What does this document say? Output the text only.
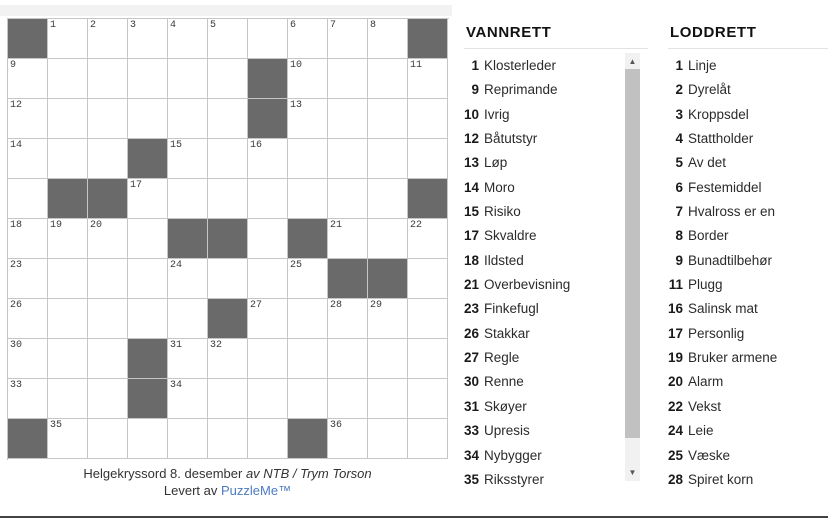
1	2	3	4	5	6	7	8
9	10	11
12	13
14	15	16
17
18	19	20	21	22
23	24	25
26	27	28	29
30	31	32
33	34
35	36
Helgekryssord 8. desember av NTB / Trym Torson
Levert av PuzzleMe™
VANNRETT
1 Klosterleder
9 Reprimande
10 Ivrig
12 Båtutstyr
13 Løp
14 Moro
15 Risiko
17 Skvaldre
18 Ildsted
21 Overbevisning
23 Finkefugl
26 Stakkar
27 Regle
30 Renne
31 Skøyer
33 Upresis
34 Nybygger
35 Riksstyrer
▲
▼
LODDRETT
1 Linje
2 Dyrelåt
3 Kroppsdel
4 Stattholder
5 Av det
6 Festemiddel
7 Hvalross er en
8 Border
9 Bunadtilbehør
11 Plugg
16 Salinsk mat
17 Personlig
19 Bruker armene
20 Alarm
22 Vekst
24 Leie
25 Væske
28 Spiret korn
